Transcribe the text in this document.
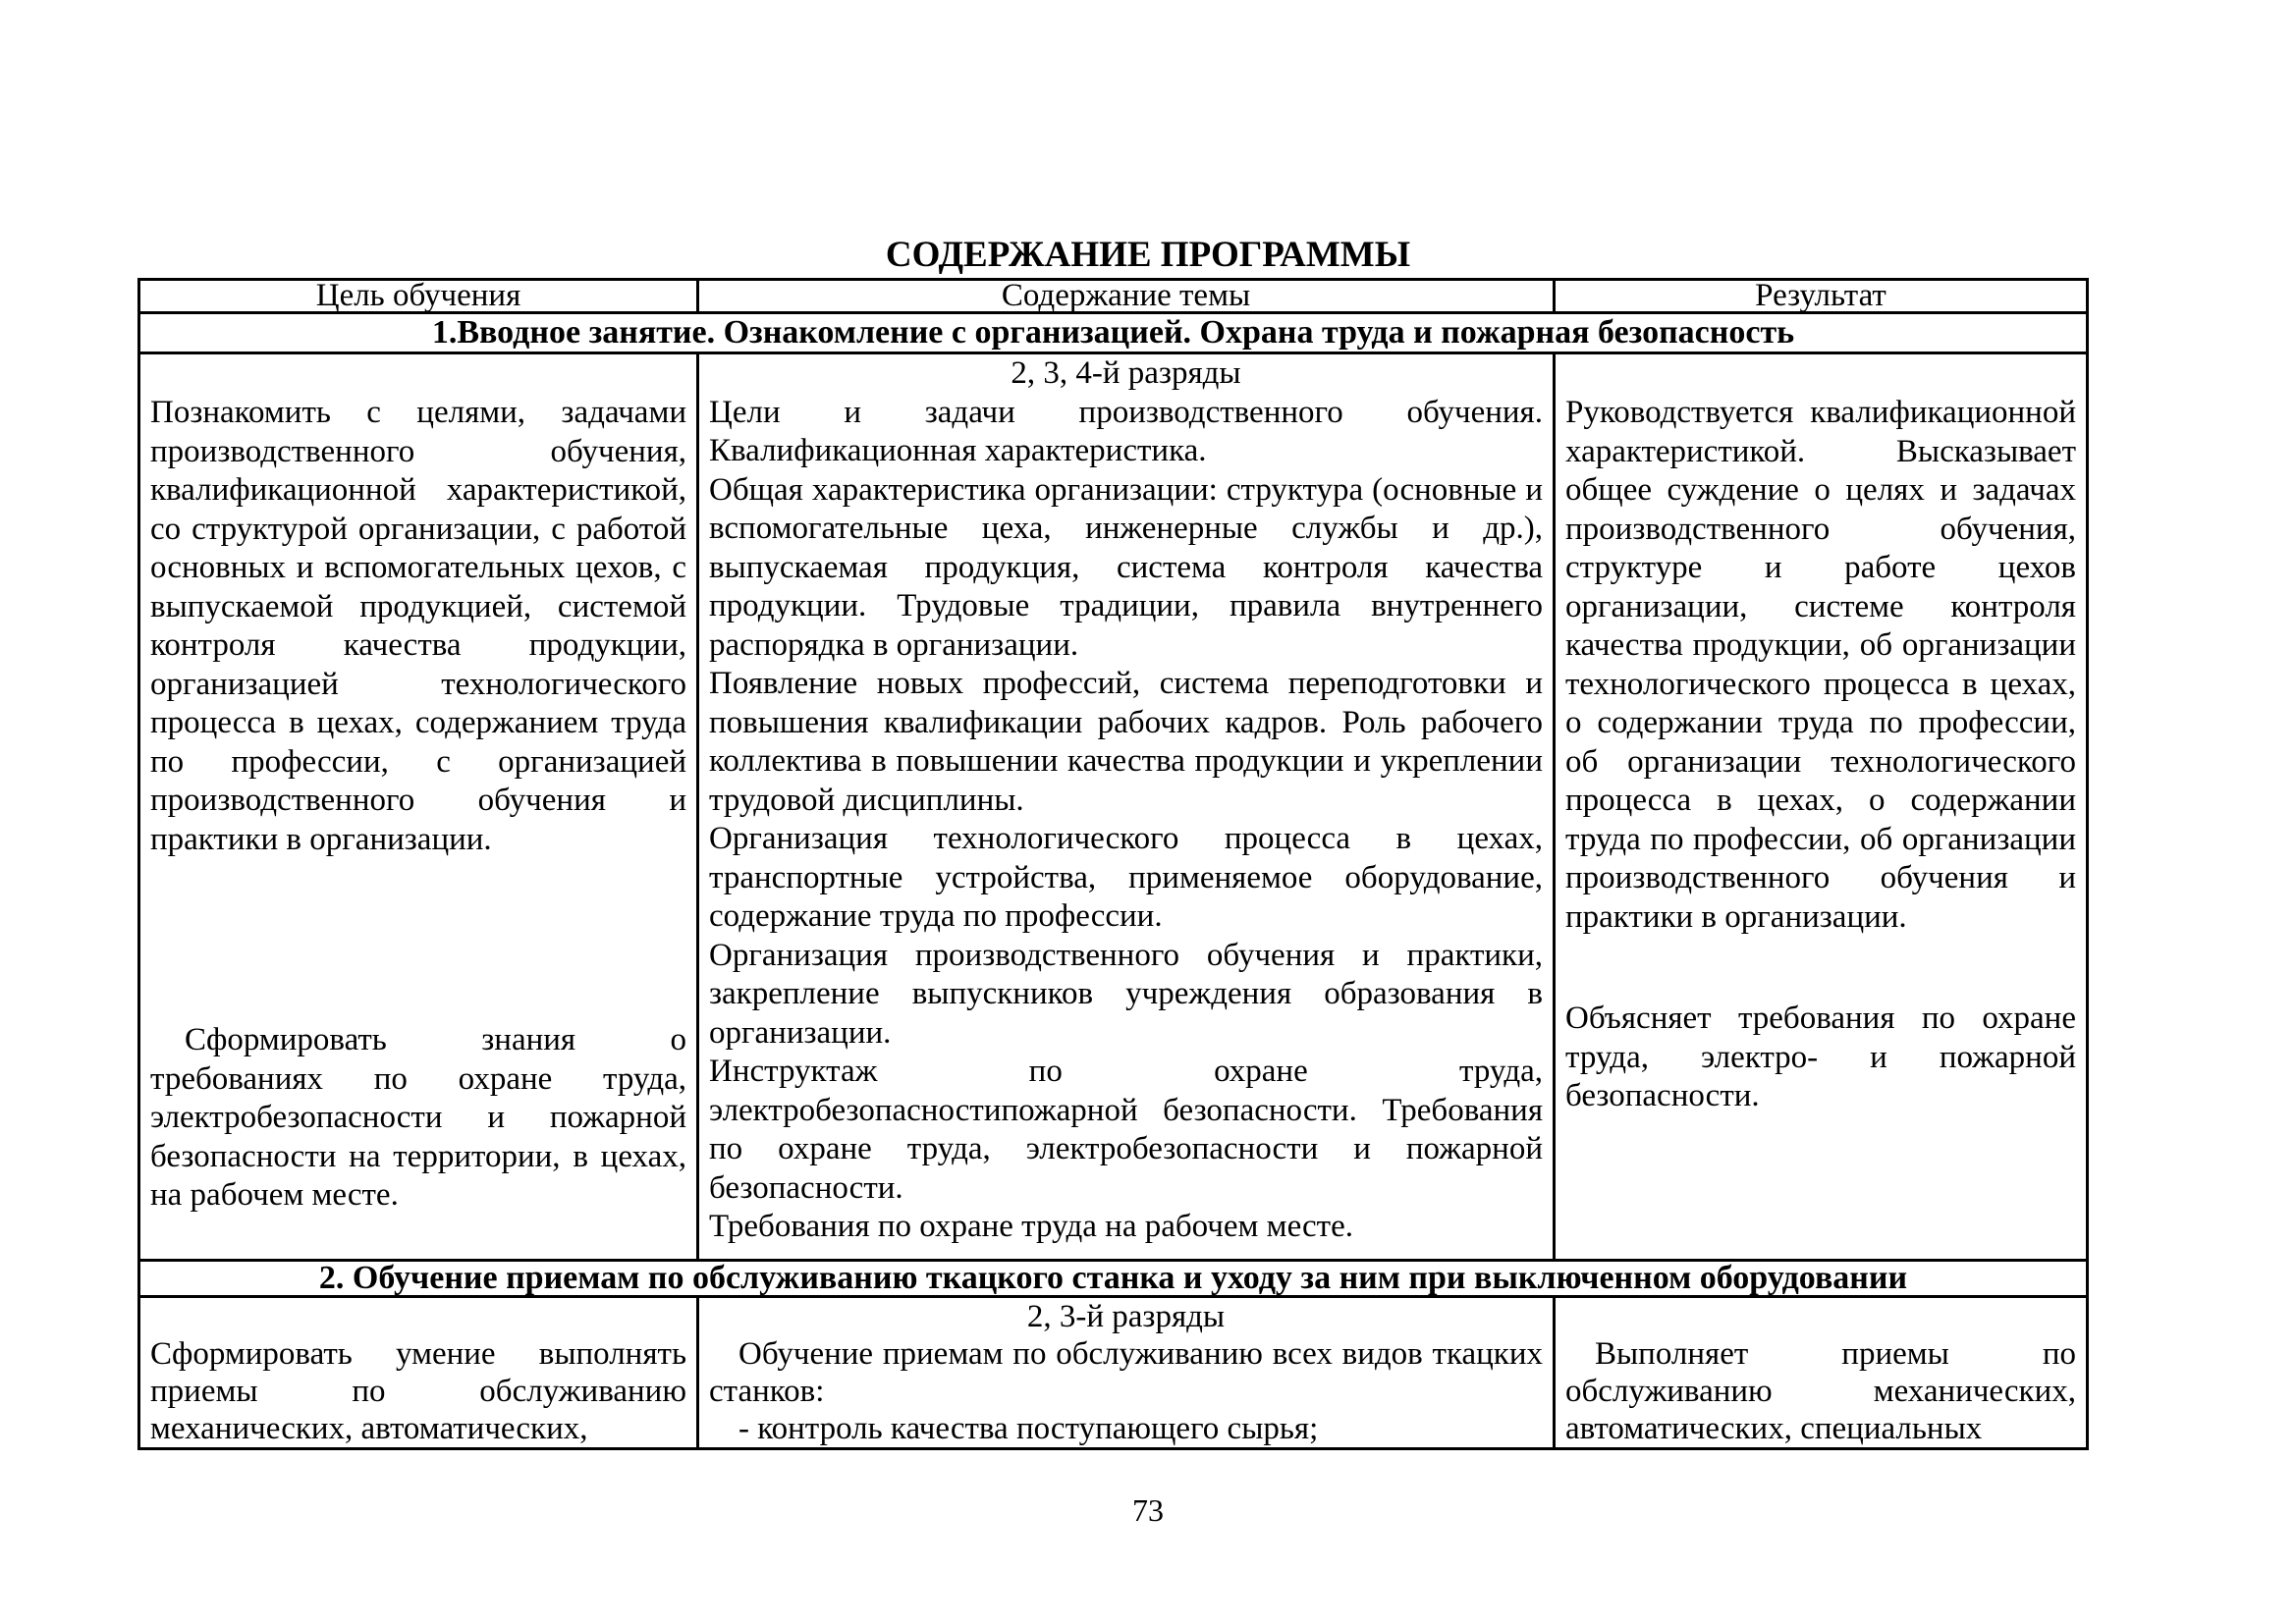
СОДЕРЖАНИЕ ПРОГРАММЫ
Цель обучения	Содержание темы	Результат
1.Вводное занятие. Ознакомление с организацией. Охрана труда и пожарная безопасность

Познакомить с целями, задачами производственного обучения, квалификационной характеристикой, со структурой организации, с работой основных и вспомогательных цехов, с выпускаемой продукцией, системой контроля качества продукции, организацией технологического процесса в цехах, содержанием труда по профессии, с организацией производственного обучения и практики в организации.

Сформировать знания о требованиях по охране труда, электробезопасности и пожарной безопасности на территории, в цехах, на рабочем месте.

2, 3, 4-й разряды

Цели и задачи производственного обучения. Квалификационная характеристика.

Общая характеристика организации: структура (основные и вспомогательные цеха, инженерные службы и др.), выпускаемая продукция, система контроля качества продукции. Трудовые традиции, правила внутреннего распорядка в организации.

Появление новых профессий, система переподготовки и повышения квалификации рабочих кадров. Роль рабочего коллектива в повышении качества продукции и укреплении трудовой дисциплины.

Организация технологического процесса в цехах, транспортные устройства, применяемое оборудование, содержание труда по профессии.

Организация производственного обучения и практики, закрепление выпускников учреждения образования в организации.

Инструктаж по охране труда, электробезопасностипожарной безопасности. Требования по охране труда, электробезопасности и пожарной безопасности.

Требования по охране труда на рабочем месте.

Руководствуется квалификационной характеристикой. Высказывает общее суждение о целях и задачах производственного обучения, структуре и работе цехов организации, системе контроля качества продукции, об организации технологического процесса в цехах, о содержании труда по профессии, об организации технологического процесса в цехах, о содержании труда по профессии, об организации производственного обучения и практики в организации.

Объясняет требования по охране труда, электро- и пожарной безопасности.

2. Обучение приемам по обслуживанию ткацкого станка и уходу за ним при выключенном оборудовании

Сформировать умение выполнять приемы по обслуживанию механических, автоматических,

2, 3-й разряды

Обучение приемам по обслуживанию всех видов ткацких станков:

- контроль качества поступающего сырья;

Выполняет приемы по обслуживанию механических, автоматических, специальных

73
